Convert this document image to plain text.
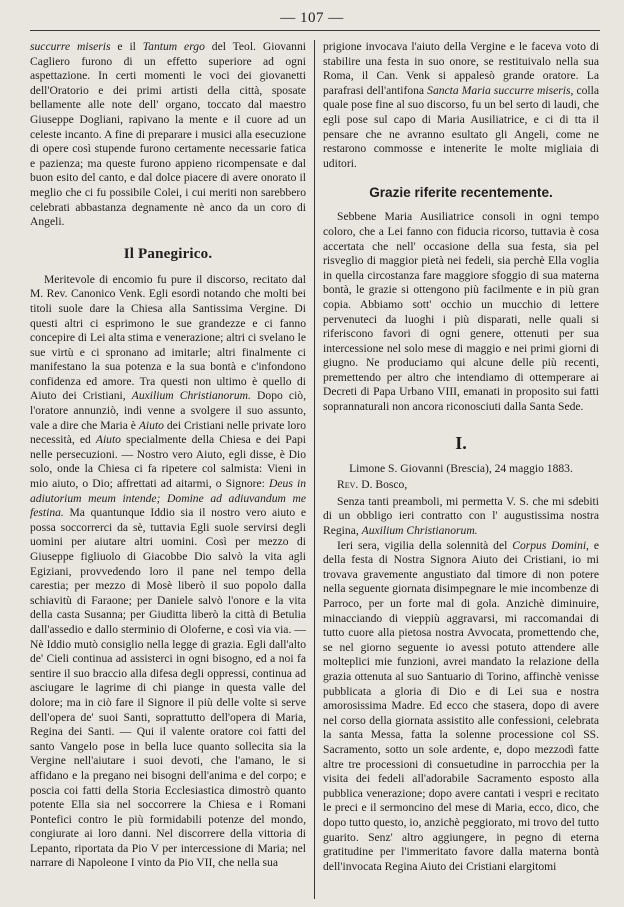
— 107 —

succurre miseris e il Tantum ergo del Teol. Giovanni Cagliero furono di un effetto superiore ad ogni aspettazione. In certi momenti le voci dei giovanetti dell'Oratorio e dei primi artisti della città, sposate bellamente alle note dell' organo, toccato dal maestro Giuseppe Dogliani, rapivano la mente e il cuore ad un celeste incanto. A fine di preparare i musici alla esecuzione di opere così stupende furono certamente necessarie fatica e pazienza; ma queste furono appieno ricompensate e dal buon esito del canto, e dal dolce piacere di avere onorato il meglio che ci fu possibile Colei, i cui meriti non sarebbero celebrati abbastanza degnamente nè anco da un coro di Angeli.

Il Panegirico.

Meritevole di encomio fu pure il discorso, recitato dal M. Rev. Canonico Venk. Egli esordì notando che molti bei titoli suole dare la Chiesa alla Santissima Vergine. Di questi altri ci esprimono le sue grandezze e ci fanno concepire di Lei alta stima e venerazione; altri ci svelano le sue virtù e ci spronano ad imitarle; altri finalmente ci manifestano la sua potenza e la sua bontà e c'infondono confidenza ed amore. Tra questi non ultimo è quello di Aiuto dei Cristiani, Auxilium Christianorum. Dopo ciò, l'oratore annunziò, indi venne a svolgere il suo assunto, vale a dire che Maria è Aiuto dei Cristiani nelle private loro necessità, ed Aiuto specialmente della Chiesa e dei Papi nelle persecuzioni. — Nostro vero Aiuto, egli disse, è Dio solo, onde la Chiesa ci fa ripetere col salmista: Vieni in mio aiuto, o Dio; affrettati ad aitarmi, o Signore: Deus in adiutorium meum intende; Domine ad adiuvandum me festina. Ma quantunque Iddio sia il nostro vero aiuto e possa soccorrerci da sè, tuttavia Egli suole servirsi degli uomini per aiutare altri uomini. Così per mezzo di Giuseppe figliuolo di Giacobbe Dio salvò la vita agli Egiziani, provvedendo loro il pane nel tempo della carestia; per mezzo di Mosè liberò il suo popolo dalla schiavitù di Faraone; per Daniele salvò l'onore e la vita della casta Susanna; per Giuditta liberò la città di Betulia dall'assedio e dallo sterminio di Oloferne, e così via via. — Nè Iddio mutò consiglio nella legge di grazia. Egli dall'alto de' Cieli continua ad assisterci in ogni bisogno, ed a noi fa sentire il suo braccio alla difesa degli oppressi, continua ad asciugare le lagrime di chi piange in questa valle del dolore; ma in ciò fare il Signore il più delle volte si serve dell'opera de' suoi Santi, soprattutto dell'opera di Maria, Regina dei Santi. — Qui il valente oratore coi fatti del santo Vangelo pose in bella luce quanto sollecita sia la Vergine nell'aiutare i suoi devoti, che l'amano, le si affidano e la pregano nei bisogni dell'anima e del corpo; e poscia coi fatti della Storia Ecclesiastica dimostrò quanto potente Ella sia nel soccorrere la Chiesa e i Romani Pontefici contro le più formidabili potenze del mondo, congiurate ai loro danni. Nel discorrere della vittoria di Lepanto, riportata da Pio V per intercessione di Maria; nel narrare di Napoleone I vinto da Pio VII, che nella sua

prigione invocava l'aiuto della Vergine e le faceva voto di stabilire una festa in suo onore, se restituivalo nella sua Roma, il Can. Venk si appalesò grande oratore. La parafrasi dell'antifona Sancta Maria succurre miseris, colla quale pose fine al suo discorso, fu un bel serto di laudi, che egli pose sul capo di Maria Ausiliatrice, e ci di tta il pensare che ne avranno esultato gli Angeli, come ne restarono commosse e intenerite le molte migliaia di uditori.

Grazie riferite recentemente.

Sebbene Maria Ausiliatrice consoli in ogni tempo coloro, che a Lei fanno con fiducia ricorso, tuttavia è cosa accertata che nell' occasione della sua festa, sia pel risveglio di maggior pietà nei fedeli, sia perchè Ella voglia in quella circostanza fare maggiore sfoggio di sua materna bontà, le grazie si ottengono più facilmente e in più gran copia. Abbiamo sott' occhio un mucchio di lettere pervenuteci da luoghi i più disparati, nelle quali si riferiscono favori di ogni genere, ottenuti per sua intercessione nel solo mese di maggio e nei primi giorni di giugno. Ne produciamo qui alcune delle più recenti, premettendo per altro che intendiamo di ottemperare ai Decreti di Papa Urbano VIII, emanati in proposito sui fatti soprannaturali non ancora riconosciuti dalla Santa Sede.

I.

Limone S. Giovanni (Brescia), 24 maggio 1883.

Rev. D. Bosco,

Senza tanti preamboli, mi permetta V. S. che mi sdebiti di un obbligo ieri contratto con l' augustissima nostra Regina, Auxilium Christianorum.

Ieri sera, vigilia della solennità del Corpus Domini, e della festa di Nostra Signora Aiuto dei Cristiani, io mi trovava gravemente angustiato dal timore di non potere nella seguente giornata disimpegnare le mie incombenze di Parroco, per un forte mal di gola. Anzichè diminuire, minacciando di vieppiù aggravarsi, mi raccomandai di tutto cuore alla pietosa nostra Avvocata, promettendo che, se nel giorno seguente io avessi potuto attendere alle molteplici mie funzioni, avrei mandato la relazione della grazia ottenuta al suo Santuario di Torino, affinchè venisse pubblicata a gloria di Dio e di Lei sua e nostra amorosissima Madre. Ed ecco che stasera, dopo di avere nel corso della giornata assistito alle confessioni, celebrata la santa Messa, fatta la solenne processione col SS. Sacramento, sotto un sole ardente, e, dopo mezzodì fatte altre tre processioni di consuetudine in parrocchia per la visita dei fedeli all'adorabile Sacramento esposto alla pubblica venerazione; dopo avere cantati i vespri e recitato le preci e il sermoncino del mese di Maria, ecco, dico, che dopo tutto questo, io, anzichè peggiorato, mi trovo del tutto guarito. Senz' altro aggiungere, in pegno di eterna gratitudine per l'immeritato favore dalla materna bontà dell'invocata Regina Aiuto dei Cristiani elargitomi
